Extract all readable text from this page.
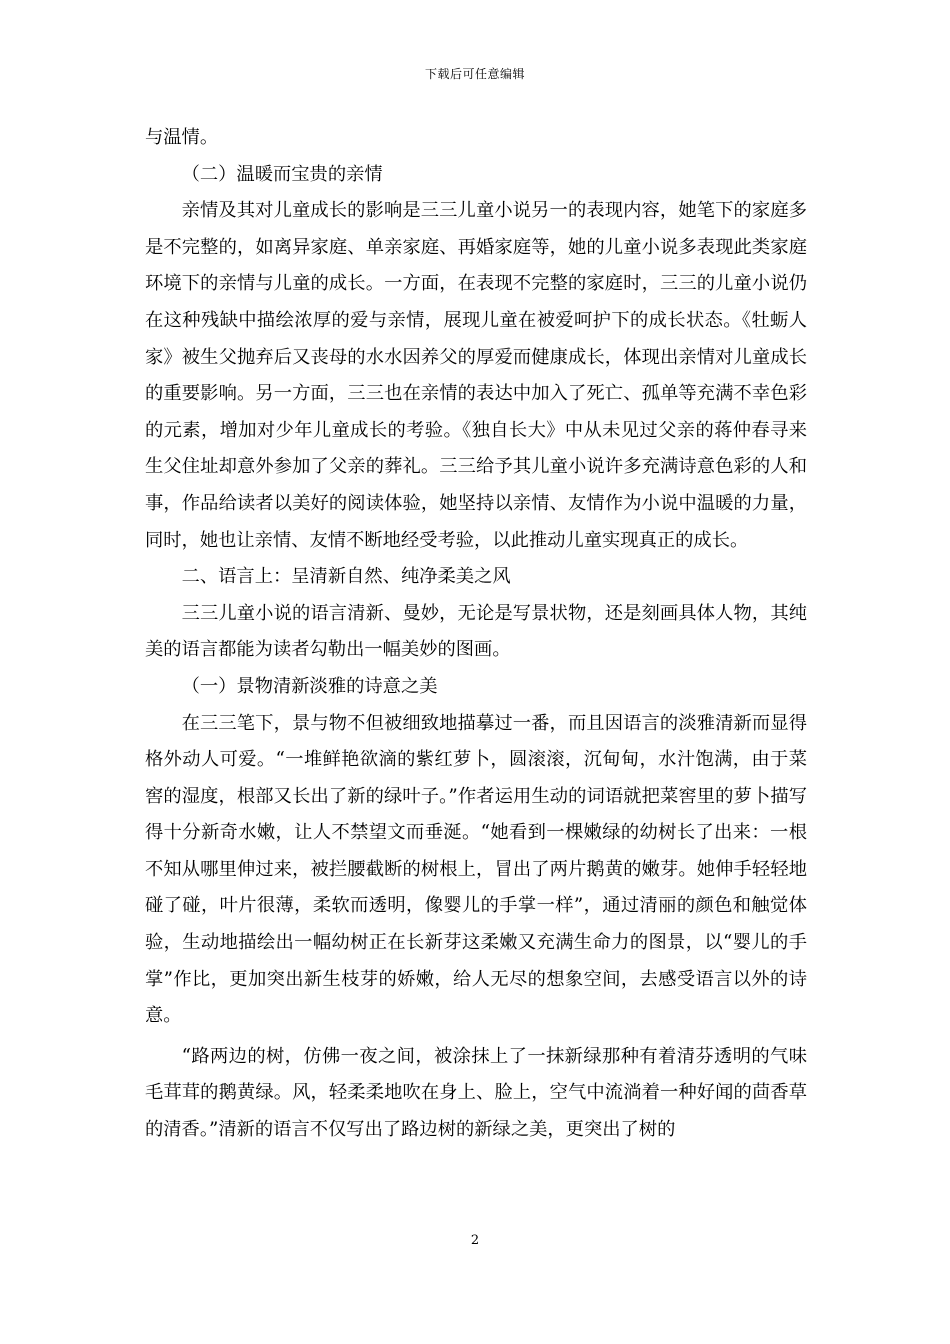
下载后可任意编辑

与温情。

（二）温暖而宝贵的亲情

亲情及其对儿童成长的影响是三三儿童小说另一的表现内容，她笔下的家庭多是不完整的，如离异家庭、单亲家庭、再婚家庭等，她的儿童小说多表现此类家庭环境下的亲情与儿童的成长。一方面，在表现不完整的家庭时，三三的儿童小说仍在这种残缺中描绘浓厚的爱与亲情，展现儿童在被爱呵护下的成长状态。《牡蛎人家》被生父抛弃后又丧母的水水因养父的厚爱而健康成长，体现出亲情对儿童成长的重要影响。另一方面，三三也在亲情的表达中加入了死亡、孤单等充满不幸色彩的元素，增加对少年儿童成长的考验。《独自长大》中从未见过父亲的蒋仲春寻来生父住址却意外参加了父亲的葬礼。三三给予其儿童小说许多充满诗意色彩的人和事，作品给读者以美好的阅读体验，她坚持以亲情、友情作为小说中温暖的力量，同时，她也让亲情、友情不断地经受考验，以此推动儿童实现真正的成长。

二、语言上：呈清新自然、纯净柔美之风

三三儿童小说的语言清新、曼妙，无论是写景状物，还是刻画具体人物，其纯美的语言都能为读者勾勒出一幅美妙的图画。

（一）景物清新淡雅的诗意之美

在三三笔下，景与物不但被细致地描摹过一番，而且因语言的淡雅清新而显得格外动人可爱。“一堆鲜艳欲滴的紫红萝卜，圆滚滚，沉甸甸，水汁饱满，由于菜窖的湿度，根部又长出了新的绿叶子。”作者运用生动的词语就把菜窖里的萝卜描写得十分新奇水嫩，让人不禁望文而垂涎。“她看到一棵嫩绿的幼树长了出来：一根不知从哪里伸过来，被拦腰截断的树根上，冒出了两片鹅黄的嫩芽。她伸手轻轻地碰了碰，叶片很薄，柔软而透明，像婴儿的手掌一样”，通过清丽的颜色和触觉体验，生动地描绘出一幅幼树正在长新芽这柔嫩又充满生命力的图景，以“婴儿的手掌”作比，更加突出新生枝芽的娇嫩，给人无尽的想象空间，去感受语言以外的诗意。

“路两边的树，仿佛一夜之间，被涂抹上了一抹新绿那种有着清芬透明的气味毛茸茸的鹅黄绿。风，轻柔柔地吹在身上、脸上，空气中流淌着一种好闻的茴香草的清香。”清新的语言不仅写出了路边树的新绿之美，更突出了树的

2
